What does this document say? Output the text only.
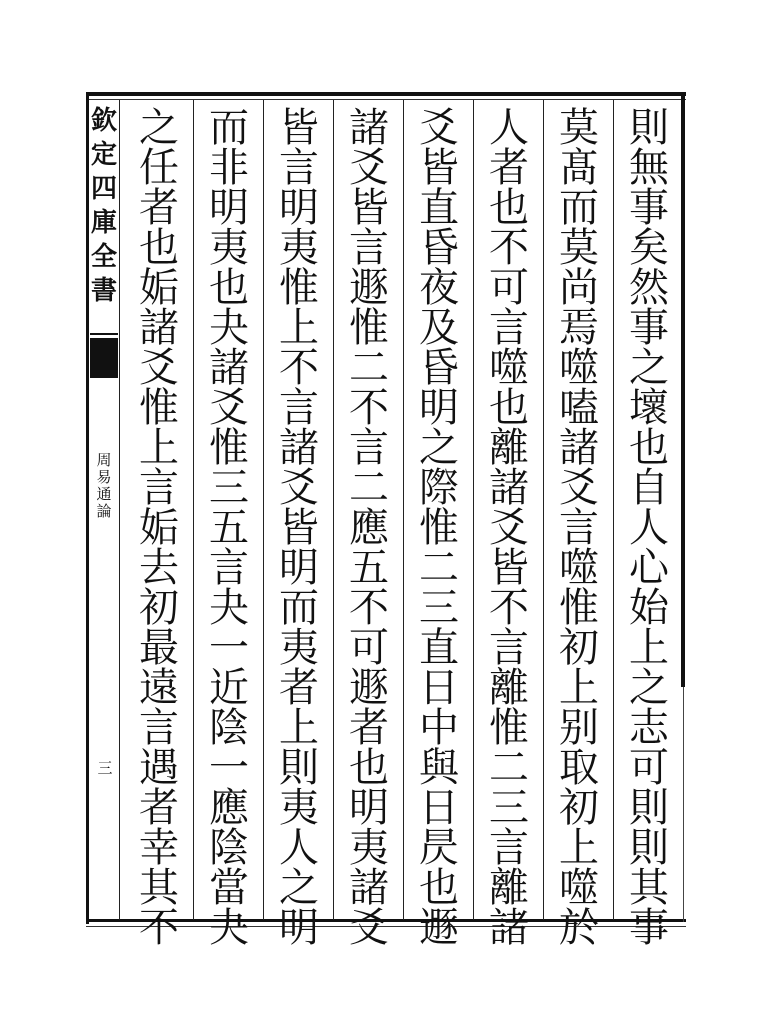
欽
定
四
庫
全
書
周
易
通
論
三
則
無
事
矣
然
事
之
壞
也
自
人
心
始
上
之
志
可
則
則
其
事
莫
髙
而
莫
尚
焉
噬
嗑
諸
爻
言
噬
惟
初
上
别
取
初
上
噬
於
人
者
也
不
可
言
噬
也
離
諸
爻
皆
不
言
離
惟
二
三
言
離
諸
爻
皆
直
昏
夜
及
昏
明
之
際
惟
二
三
直
日
中
與
日
昃
也
遯
諸
爻
皆
言
遯
惟
二
不
言
二
應
五
不
可
遯
者
也
明
夷
諸
爻
皆
言
明
夷
惟
上
不
言
諸
爻
皆
明
而
夷
者
上
則
夷
人
之
明
而
非
明
夷
也
夬
諸
爻
惟
三
五
言
夬
一
近
陰
一
應
陰
當
夬
之
任
者
也
姤
諸
爻
惟
上
言
姤
去
初
最
遠
言
遇
者
幸
其
不
